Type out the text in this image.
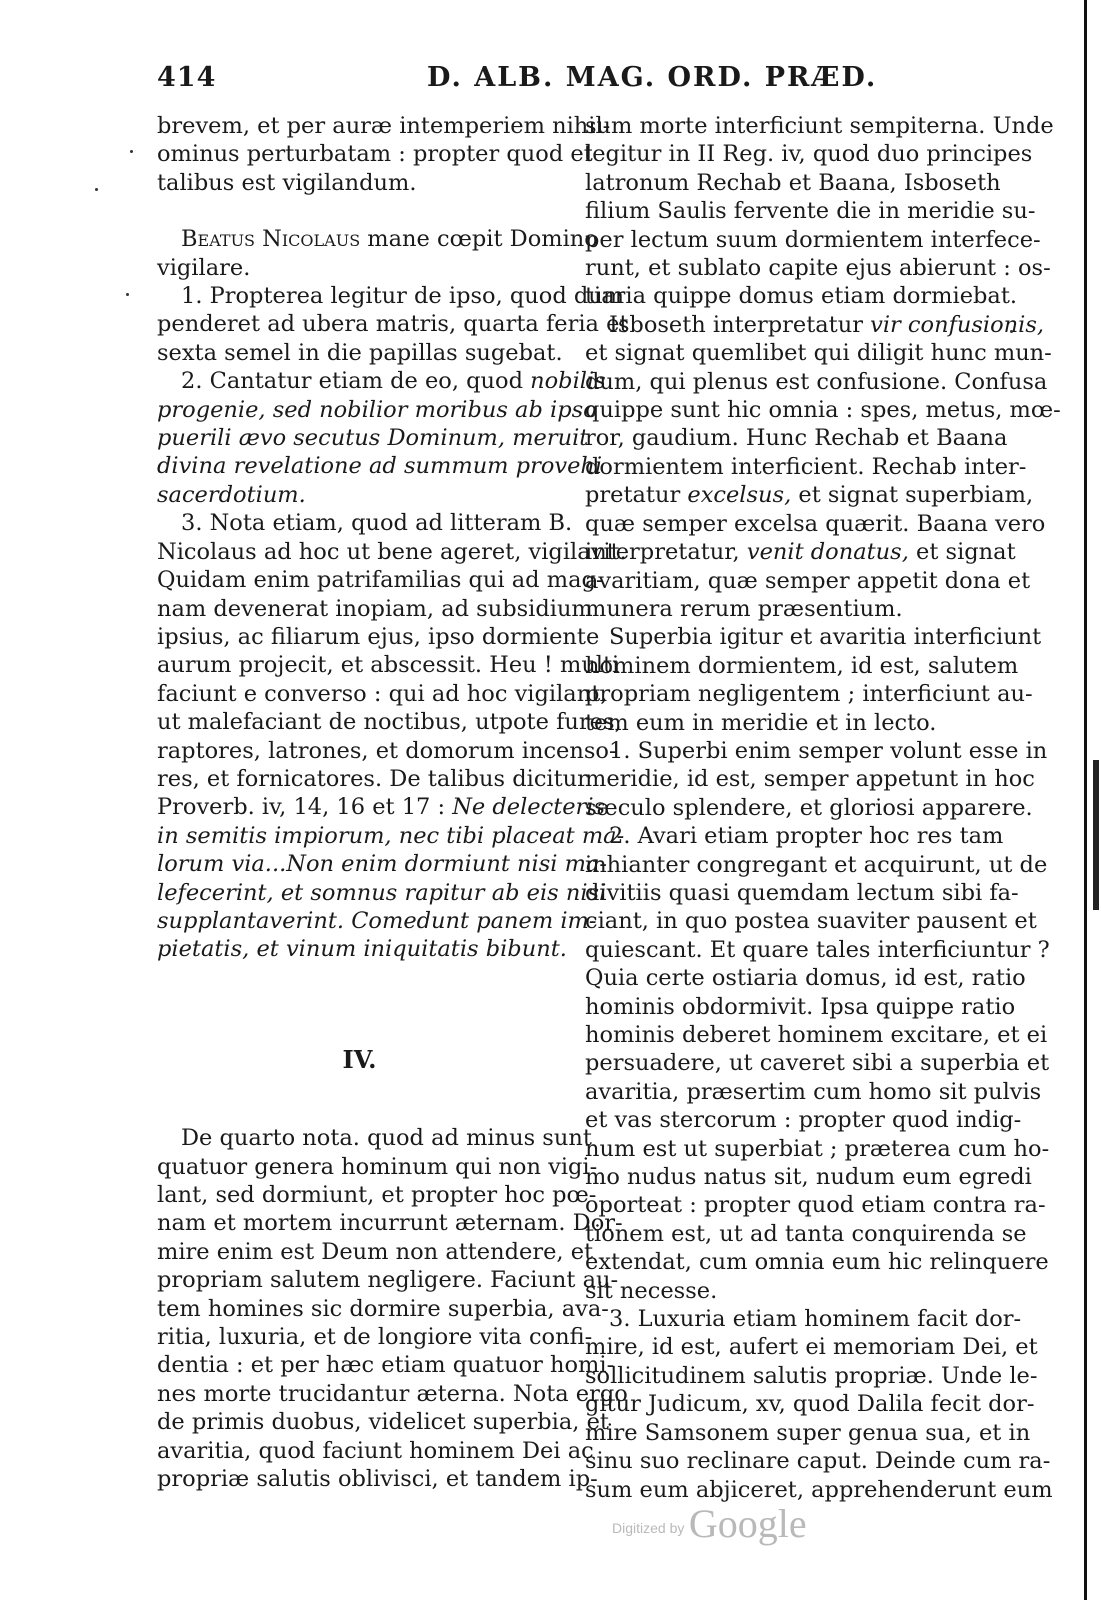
414	D. ALB. MAG. ORD. PRÆD.

brevem, et per auræ intemperiem nihil-
ominus perturbatam : propter quod et
talibus est vigilandum.

Beatus Nicolaus mane cœpit Domino
vigilare.

1. Propterea legitur de ipso, quod dum
penderet ad ubera matris, quarta feria et
sexta semel in die papillas sugebat.

2. Cantatur etiam de eo, quod nobilis
progenie, sed nobilior moribus ab ipso
puerili ævo secutus Dominum, meruit
divina revelatione ad summum provehi
sacerdotium.

3. Nota etiam, quod ad litteram B.
Nicolaus ad hoc ut bene ageret, vigilavit.
Quidam enim patrifamilias qui ad mag-
nam devenerat inopiam, ad subsidium
ipsius, ac filiarum ejus, ipso dormiente
aurum projecit, et abscessit. Heu ! multi
faciunt e converso : qui ad hoc vigilant,
ut malefaciant de noctibus, utpote fures,
raptores, latrones, et domorum incenso-
res, et fornicatores. De talibus dicitur
Proverb. iv, 14, 16 et 17 : Ne delecteris
in semitis impiorum, nec tibi placeat ma-
lorum via...Non enim dormiunt nisi ma-
lefecerint, et somnus rapitur ab eis nisi
supplantaverint. Comedunt panem im-
pietatis, et vinum iniquitatis bibunt.

IV.

De quarto nota. quod ad minus sunt
quatuor genera hominum qui non vigi-
lant, sed dormiunt, et propter hoc pœ-
nam et mortem incurrunt æternam. Dor-
mire enim est Deum non attendere, et
propriam salutem negligere. Faciunt au-
tem homines sic dormire superbia, ava-
ritia, luxuria, et de longiore vita confi-
dentia : et per hæc etiam quatuor homi-
nes morte trucidantur æterna. Nota ergo
de primis duobus, videlicet superbia, et
avaritia, quod faciunt hominem Dei ac
propriæ salutis oblivisci, et tandem ip-

sum morte interficiunt sempiterna. Unde
legitur in II Reg. iv, quod duo principes
latronum Rechab et Baana, Isboseth
filium Saulis fervente die in meridie su-
per lectum suum dormientem interfece-
runt, et sublato capite ejus abierunt : os-
tiaria quippe domus etiam dormiebat.

Isboseth interpretatur vir confusionis,
et signat quemlibet qui diligit hunc mun-
dum, qui plenus est confusione. Confusa
quippe sunt hic omnia : spes, metus, mœ-
ror, gaudium. Hunc Rechab et Baana
dormientem interficient. Rechab inter-
pretatur excelsus, et signat superbiam,
quæ semper excelsa quærit. Baana vero
interpretatur, venit donatus, et signat
avaritiam, quæ semper appetit dona et
munera rerum præsentium.

Superbia igitur et avaritia interficiunt
hominem dormientem, id est, salutem
propriam negligentem ; interficiunt au-
tem eum in meridie et in lecto.

1. Superbi enim semper volunt esse in
meridie, id est, semper appetunt in hoc
sæculo splendere, et gloriosi apparere.

2. Avari etiam propter hoc res tam
inhianter congregant et acquirunt, ut de
divitiis quasi quemdam lectum sibi fa-
ciant, in quo postea suaviter pausent et
quiescant. Et quare tales interficiuntur ?
Quia certe ostiaria domus, id est, ratio
hominis obdormivit. Ipsa quippe ratio
hominis deberet hominem excitare, et ei
persuadere, ut caveret sibi a superbia et
avaritia, præsertim cum homo sit pulvis
et vas stercorum : propter quod indig-
num est ut superbiat ; præterea cum ho-
mo nudus natus sit, nudum eum egredi
oporteat : propter quod etiam contra ra-
tionem est, ut ad tanta conquirenda se
extendat, cum omnia eum hic relinquere
sit necesse.

3. Luxuria etiam hominem facit dor-
mire, id est, aufert ei memoriam Dei, et
sollicitudinem salutis propriæ. Unde le-
gitur Judicum, xv, quod Dalila fecit dor-
mire Samsonem super genua sua, et in
sinu suo reclinare caput. Deinde cum ra-
sum eum abjiceret, apprehenderunt eum

Digitized by Google
